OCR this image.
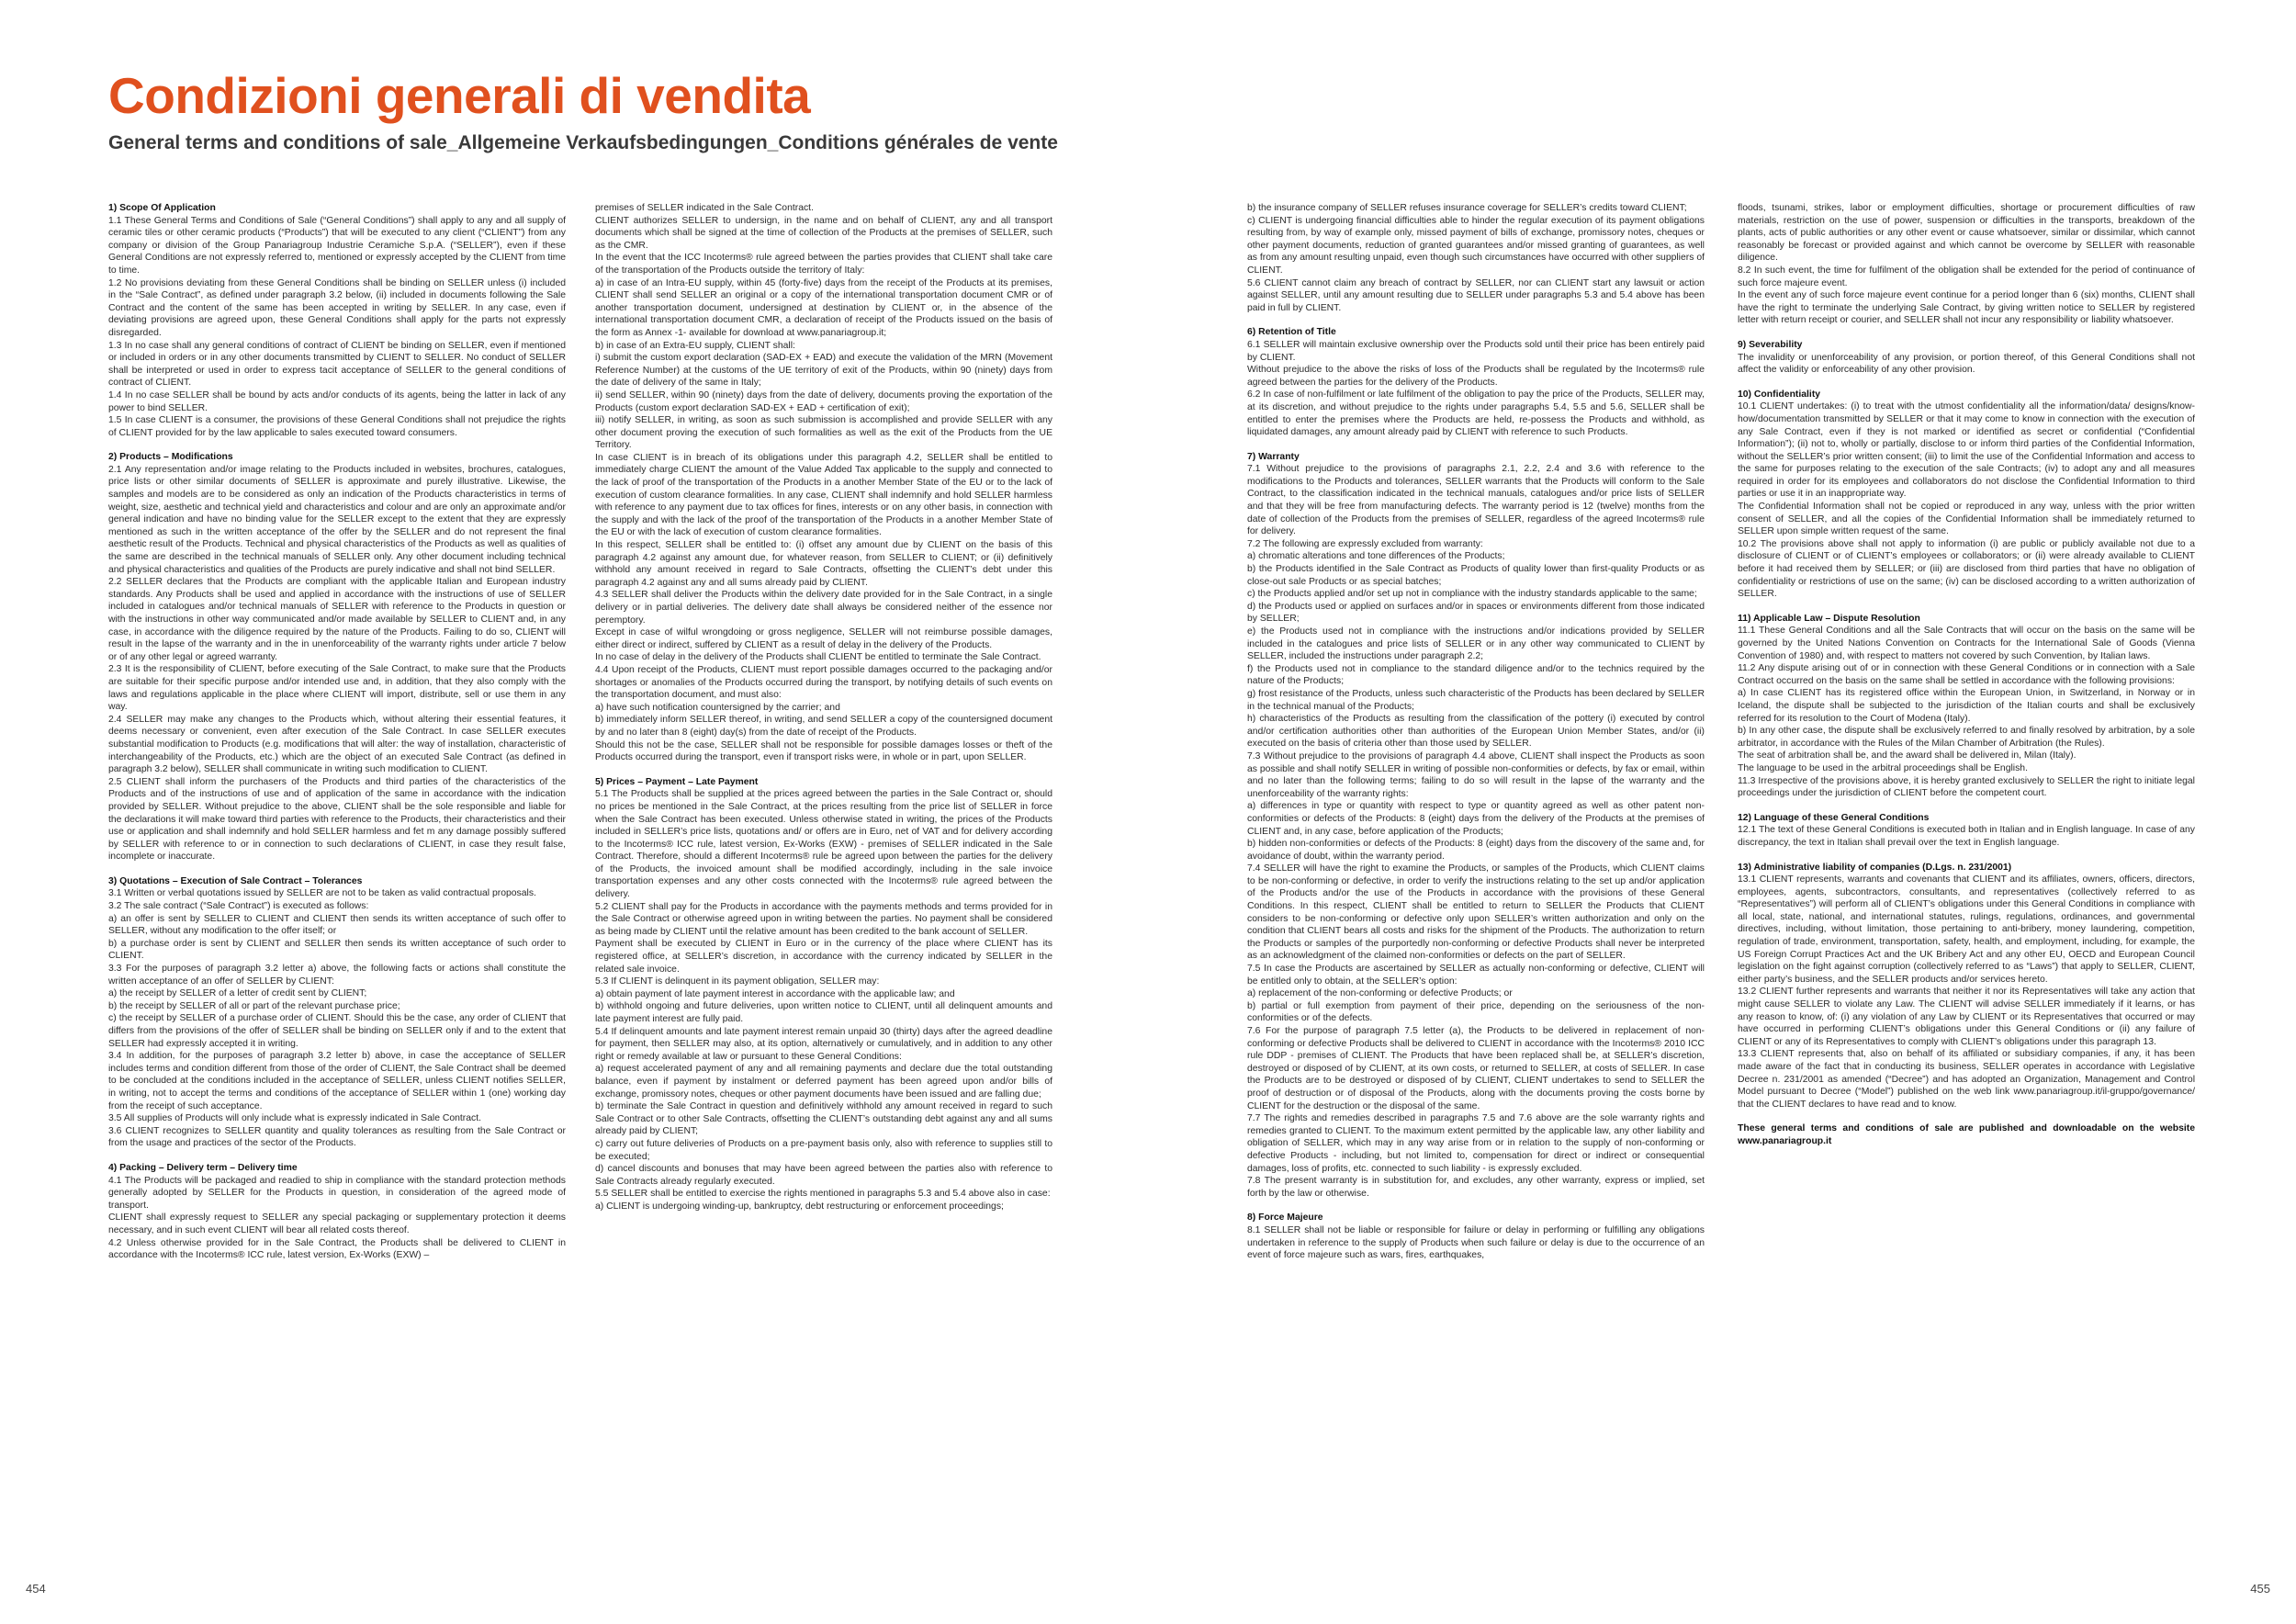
Condizioni generali di vendita
General terms and conditions of sale_Allgemeine Verkaufsbedingungen_Conditions générales de vente
1) Scope Of Application
1.1 These General Terms and Conditions of Sale (“General Conditions”) shall apply to any and all supply of ceramic tiles or other ceramic products (“Products”) that will be executed to any client (“CLIENT”) from any company or division of the Group Panariagroup Industrie Ceramiche S.p.A. (“SELLER”), even if these General Conditions are not expressly referred to, mentioned or expressly accepted by the CLIENT from time to time.
1.2 No provisions deviating from these General Conditions shall be binding on SELLER unless (i) included in the “Sale Contract”, as defined under paragraph 3.2 below, (ii) included in documents following the Sale Contract and the content of the same has been accepted in writing by SELLER. In any case, even if deviating provisions are agreed upon, these General Conditions shall apply for the parts not expressly disregarded.
1.3 In no case shall any general conditions of contract of CLIENT be binding on SELLER, even if mentioned or included in orders or in any other documents transmitted by CLIENT to SELLER. No conduct of SELLER shall be interpreted or used in order to express tacit acceptance of SELLER to the general conditions of contract of CLIENT.
1.4 In no case SELLER shall be bound by acts and/or conducts of its agents, being the latter in lack of any power to bind SELLER.
1.5 In case CLIENT is a consumer, the provisions of these General Conditions shall not prejudice the rights of CLIENT provided for by the law applicable to sales executed toward consumers.
2) Products – Modifications
2.1 Any representation and/or image relating to the Products included in websites, brochures, catalogues, price lists or other similar documents of SELLER is approximate and purely illustrative. Likewise, the samples and models are to be considered as only an indication of the Products characteristics in terms of weight, size, aesthetic and technical yield and characteristics and colour and are only an approximate and/or general indication and have no binding value for the SELLER except to the extent that they are expressly mentioned as such in the written acceptance of the offer by the SELLER and do not represent the final aesthetic result of the Products. Technical and physical characteristics of the Products as well as qualities of the same are described in the technical manuals of SELLER only. Any other document including technical and physical characteristics and qualities of the Products are purely indicative and shall not bind SELLER.
2.2 SELLER declares that the Products are compliant with the applicable Italian and European industry standards. Any Products shall be used and applied in accordance with the instructions of use of SELLER included in catalogues and/or technical manuals of SELLER with reference to the Products in question or with the instructions in other way communicated and/or made available by SELLER to CLIENT and, in any case, in accordance with the diligence required by the nature of the Products. Failing to do so, CLIENT will result in the lapse of the warranty and in the in unenforceability of the warranty rights under article 7 below or of any other legal or agreed warranty.
2.3 It is the responsibility of CLIENT, before executing of the Sale Contract, to make sure that the Products are suitable for their specific purpose and/or intended use and, in addition, that they also comply with the laws and regulations applicable in the place where CLIENT will import, distribute, sell or use them in any way.
2.4 SELLER may make any changes to the Products which, without altering their essential features, it deems necessary or convenient, even after execution of the Sale Contract. In case SELLER executes substantial modification to Products (e.g. modifications that will alter: the way of installation, characteristic of interchangeability of the Products, etc.) which are the object of an executed Sale Contract (as defined in paragraph 3.2 below), SELLER shall communicate in writing such modification to CLIENT.
2.5 CLIENT shall inform the purchasers of the Products and third parties of the characteristics of the Products and of the instructions of use and of application of the same in accordance with the indication provided by SELLER. Without prejudice to the above, CLIENT shall be the sole responsible and liable for the declarations it will make toward third parties with reference to the Products, their characteristics and their use or application and shall indemnify and hold SELLER harmless and fet m any damage possibly suffered by SELLER with reference to or in connection to such declarations of CLIENT, in case they result false, incomplete or inaccurate.
3) Quotations – Execution of Sale Contract – Tolerances
3.1 Written or verbal quotations issued by SELLER are not to be taken as valid contractual proposals.
3.2 The sale contract (“Sale Contract”) is executed as follows:
a) an offer is sent by SELLER to CLIENT and CLIENT then sends its written acceptance of such offer to SELLER, without any modification to the offer itself; or
b) a purchase order is sent by CLIENT and SELLER then sends its written acceptance of such order to CLIENT.
3.3 For the purposes of paragraph 3.2 letter a) above, the following facts or actions shall constitute the written acceptance of an offer of SELLER by CLIENT:
a) the receipt by SELLER of a letter of credit sent by CLIENT;
b) the receipt by SELLER of all or part of the relevant purchase price;
c) the receipt by SELLER of a purchase order of CLIENT. Should this be the case, any order of CLIENT that differs from the provisions of the offer of SELLER shall be binding on SELLER only if and to the extent that SELLER had expressly accepted it in writing.
3.4 In addition, for the purposes of paragraph 3.2 letter b) above, in case the acceptance of SELLER includes terms and condition different from those of the order of CLIENT, the Sale Contract shall be deemed to be concluded at the conditions included in the acceptance of SELLER, unless CLIENT notifies SELLER, in writing, not to accept the terms and conditions of the acceptance of SELLER within 1 (one) working day from the receipt of such acceptance.
3.5 All supplies of Products will only include what is expressly indicated in Sale Contract.
3.6 CLIENT recognizes to SELLER quantity and quality tolerances as resulting from the Sale Contract or from the usage and practices of the sector of the Products.
4) Packing – Delivery term – Delivery time
4.1 The Products will be packaged and readied to ship in compliance with the standard protection methods generally adopted by SELLER for the Products in question, in consideration of the agreed mode of transport.
CLIENT shall expressly request to SELLER any special packaging or supplementary protection it deems necessary, and in such event CLIENT will bear all related costs thereof.
4.2 Unless otherwise provided for in the Sale Contract, the Products shall be delivered to CLIENT in accordance with the Incoterms® ICC rule, latest version, Ex-Works (EXW) –
premises of SELLER indicated in the Sale Contract.
CLIENT authorizes SELLER to undersign, in the name and on behalf of CLIENT, any and all transport documents which shall be signed at the time of collection of the Products at the premises of SELLER, such as the CMR.
In the event that the ICC Incoterms® rule agreed between the parties provides that CLIENT shall take care of the transportation of the Products outside the territory of Italy:
a) in case of an Intra-EU supply, within 45 (forty-five) days from the receipt of the Products at its premises, CLIENT shall send SELLER an original or a copy of the international transportation document CMR or of another transportation document, undersigned at destination by CLIENT or, in the absence of the international transportation document CMR, a declaration of receipt of the Products issued on the basis of the form as Annex -1- available for download at www.panariagroup.it;
b) in case of an Extra-EU supply, CLIENT shall:
i) submit the custom export declaration (SAD-EX + EAD) and execute the validation of the MRN (Movement Reference Number) at the customs of the UE territory of exit of the Products, within 90 (ninety) days from the date of delivery of the same in Italy;
ii) send SELLER, within 90 (ninety) days from the date of delivery, documents proving the exportation of the Products (custom export declaration SAD-EX + EAD + certification of exit);
iii) notify SELLER, in writing, as soon as such submission is accomplished and provide SELLER with any other document proving the execution of such formalities as well as the exit of the Products from the UE Territory.
In case CLIENT is in breach of its obligations under this paragraph 4.2, SELLER shall be entitled to immediately charge CLIENT the amount of the Value Added Tax applicable to the supply and connected to the lack of proof of the transportation of the Products in a another Member State of the EU or to the lack of execution of custom clearance formalities. In any case, CLIENT shall indemnify and hold SELLER harmless with reference to any payment due to tax offices for fines, interests or on any other basis, in connection with the supply and with the lack of the proof of the transportation of the Products in a another Member State of the EU or with the lack of execution of custom clearance formalities.
In this respect, SELLER shall be entitled to: (i) offset any amount due by CLIENT on the basis of this paragraph 4.2 against any amount due, for whatever reason, from SELLER to CLIENT; or (ii) definitively withhold any amount received in regard to Sale Contracts, offsetting the CLIENT’s debt under this paragraph 4.2 against any and all sums already paid by CLIENT.
4.3 SELLER shall deliver the Products within the delivery date provided for in the Sale Contract, in a single delivery or in partial deliveries. The delivery date shall always be considered neither of the essence nor peremptory.
Except in case of wilful wrongdoing or gross negligence, SELLER will not reimburse possible damages, either direct or indirect, suffered by CLIENT as a result of delay in the delivery of the Products.
In no case of delay in the delivery of the Products shall CLIENT be entitled to terminate the Sale Contract.
4.4 Upon receipt of the Products, CLIENT must report possible damages occurred to the packaging and/or shortages or anomalies of the Products occurred during the transport, by notifying details of such events on the transportation document, and must also:
a) have such notification countersigned by the carrier; and
b) immediately inform SELLER thereof, in writing, and send SELLER a copy of the countersigned document by and no later than 8 (eight) day(s) from the date of receipt of the Products.
Should this not be the case, SELLER shall not be responsible for possible damages losses or theft of the Products occurred during the transport, even if transport risks were, in whole or in part, upon SELLER.
5) Prices – Payment – Late Payment
5.1 The Products shall be supplied at the prices agreed between the parties in the Sale Contract or, should no prices be mentioned in the Sale Contract, at the prices resulting from the price list of SELLER in force when the Sale Contract has been executed. Unless otherwise stated in writing, the prices of the Products included in SELLER’s price lists, quotations and/ or offers are in Euro, net of VAT and for delivery according to the Incoterms® ICC rule, latest version, Ex-Works (EXW) - premises of SELLER indicated in the Sale Contract. Therefore, should a different Incoterms® rule be agreed upon between the parties for the delivery of the Products, the invoiced amount shall be modified accordingly, including in the sale invoice transportation expenses and any other costs connected with the Incoterms® rule agreed between the delivery.
5.2 CLIENT shall pay for the Products in accordance with the payments methods and terms provided for in the Sale Contract or otherwise agreed upon in writing between the parties. No payment shall be considered as being made by CLIENT until the relative amount has been credited to the bank account of SELLER.
Payment shall be executed by CLIENT in Euro or in the currency of the place where CLIENT has its registered office, at SELLER’s discretion, in accordance with the currency indicated by SELLER in the related sale invoice.
5.3 If CLIENT is delinquent in its payment obligation, SELLER may:
a) obtain payment of late payment interest in accordance with the applicable law; and
b) withhold ongoing and future deliveries, upon written notice to CLIENT, until all delinquent amounts and late payment interest are fully paid.
5.4 If delinquent amounts and late payment interest remain unpaid 30 (thirty) days after the agreed deadline for payment, then SELLER may also, at its option, alternatively or cumulatively, and in addition to any other right or remedy available at law or pursuant to these General Conditions:
a) request accelerated payment of any and all remaining payments and declare due the total outstanding balance, even if payment by instalment or deferred payment has been agreed upon and/or bills of exchange, promissory notes, cheques or other payment documents have been issued and are falling due;
b) terminate the Sale Contract in question and definitively withhold any amount received in regard to such Sale Contract or to other Sale Contracts, offsetting the CLIENT’s outstanding debt against any and all sums already paid by CLIENT;
c) carry out future deliveries of Products on a pre-payment basis only, also with reference to supplies still to be executed;
d) cancel discounts and bonuses that may have been agreed between the parties also with reference to Sale Contracts already regularly executed.
5.5 SELLER shall be entitled to exercise the rights mentioned in paragraphs 5.3 and 5.4 above also in case:
a) CLIENT is undergoing winding-up, bankruptcy, debt restructuring or enforcement proceedings;
b) the insurance company of SELLER refuses insurance coverage for SELLER’s credits toward CLIENT;
c) CLIENT is undergoing financial difficulties able to hinder the regular execution of its payment obligations resulting from, by way of example only, missed payment of bills of exchange, promissory notes, cheques or other payment documents, reduction of granted guarantees and/or missed granting of guarantees, as well as from any amount resulting unpaid, even though such circumstances have occurred with other suppliers of CLIENT.
5.6 CLIENT cannot claim any breach of contract by SELLER, nor can CLIENT start any lawsuit or action against SELLER, until any amount resulting due to SELLER under paragraphs 5.3 and 5.4 above has been paid in full by CLIENT.
6) Retention of Title
6.1 SELLER will maintain exclusive ownership over the Products sold until their price has been entirely paid by CLIENT.
Without prejudice to the above the risks of loss of the Products shall be regulated by the Incoterms® rule agreed between the parties for the delivery of the Products.
6.2 In case of non-fulfilment or late fulfilment of the obligation to pay the price of the Products, SELLER may, at its discretion, and without prejudice to the rights under paragraphs 5.4, 5.5 and 5.6, SELLER shall be entitled to enter the premises where the Products are held, re-possess the Products and withhold, as liquidated damages, any amount already paid by CLIENT with reference to such Products.
7) Warranty
7.1 Without prejudice to the provisions of paragraphs 2.1, 2.2, 2.4 and 3.6 with reference to the modifications to the Products and tolerances, SELLER warrants that the Products will conform to the Sale Contract, to the classification indicated in the technical manuals, catalogues and/or price lists of SELLER and that they will be free from manufacturing defects. The warranty period is 12 (twelve) months from the date of collection of the Products from the premises of SELLER, regardless of the agreed Incoterms® rule for delivery.
7.2 The following are expressly excluded from warranty:
a) chromatic alterations and tone differences of the Products;
b) the Products identified in the Sale Contract as Products of quality lower than first-quality Products or as close-out sale Products or as special batches;
c) the Products applied and/or set up not in compliance with the industry standards applicable to the same;
d) the Products used or applied on surfaces and/or in spaces or environments different from those indicated by SELLER;
e) the Products used not in compliance with the instructions and/or indications provided by SELLER included in the catalogues and price lists of SELLER or in any other way communicated to CLIENT by SELLER, included the instructions under paragraph 2.2;
f) the Products used not in compliance to the standard diligence and/or to the technics required by the nature of the Products;
g) frost resistance of the Products, unless such characteristic of the Products has been declared by SELLER in the technical manual of the Products;
h) characteristics of the Products as resulting from the classification of the pottery (i) executed by control and/or certification authorities other than authorities of the European Union Member States, and/or (ii) executed on the basis of criteria other than those used by SELLER.
7.3 Without prejudice to the provisions of paragraph 4.4 above, CLIENT shall inspect the Products as soon as possible and shall notify SELLER in writing of possible non-conformities or defects, by fax or email, within and no later than the following terms; failing to do so will result in the lapse of the warranty and the unenforceability of the warranty rights:
a) differences in type or quantity with respect to type or quantity agreed as well as other patent non-conformities or defects of the Products: 8 (eight) days from the delivery of the Products at the premises of CLIENT and, in any case, before application of the Products;
b) hidden non-conformities or defects of the Products: 8 (eight) days from the discovery of the same and, for avoidance of doubt, within the warranty period.
7.4 SELLER will have the right to examine the Products, or samples of the Products, which CLIENT claims to be non-conforming or defective, in order to verify the instructions relating to the set up and/or application of the Products and/or the use of the Products in accordance with the provisions of these General Conditions. In this respect, CLIENT shall be entitled to return to SELLER the Products that CLIENT considers to be non-conforming or defective only upon SELLER’s written authorization and only on the condition that CLIENT bears all costs and risks for the shipment of the Products. The authorization to return the Products or samples of the purportedly non-conforming or defective Products shall never be interpreted as an acknowledgment of the claimed non-conformities or defects on the part of SELLER.
7.5 In case the Products are ascertained by SELLER as actually non-conforming or defective, CLIENT will be entitled only to obtain, at the SELLER’s option:
a) replacement of the non-conforming or defective Products; or
b) partial or full exemption from payment of their price, depending on the seriousness of the non-conformities or of the defects.
7.6 For the purpose of paragraph 7.5 letter (a), the Products to be delivered in replacement of non-conforming or defective Products shall be delivered to CLIENT in accordance with the Incoterms® 2010 ICC rule DDP - premises of CLIENT. The Products that have been replaced shall be, at SELLER’s discretion, destroyed or disposed of by CLIENT, at its own costs, or returned to SELLER, at costs of SELLER. In case the Products are to be destroyed or disposed of by CLIENT, CLIENT undertakes to send to SELLER the proof of destruction or of disposal of the Products, along with the documents proving the costs borne by CLIENT for the destruction or the disposal of the same.
7.7 The rights and remedies described in paragraphs 7.5 and 7.6 above are the sole warranty rights and remedies granted to CLIENT. To the maximum extent permitted by the applicable law, any other liability and obligation of SELLER, which may in any way arise from or in relation to the supply of non-conforming or defective Products - including, but not limited to, compensation for direct or indirect or consequential damages, loss of profits, etc. connected to such liability - is expressly excluded.
7.8 The present warranty is in substitution for, and excludes, any other warranty, express or implied, set forth by the law or otherwise.
8) Force Majeure
8.1 SELLER shall not be liable or responsible for failure or delay in performing or fulfilling any obligations undertaken in reference to the supply of Products when such failure or delay is due to the occurrence of an event of force majeure such as wars, fires, earthquakes,
floods, tsunami, strikes, labor or employment difficulties, shortage or procurement difficulties of raw materials, restriction on the use of power, suspension or difficulties in the transports, breakdown of the plants, acts of public authorities or any other event or cause whatsoever, similar or dissimilar, which cannot reasonably be forecast or provided against and which cannot be overcome by SELLER with reasonable diligence.
8.2 In such event, the time for fulfilment of the obligation shall be extended for the period of continuance of such force majeure event.
In the event any of such force majeure event continue for a period longer than 6 (six) months, CLIENT shall have the right to terminate the underlying Sale Contract, by giving written notice to SELLER by registered letter with return receipt or courier, and SELLER shall not incur any responsibility or liability whatsoever.
9) Severability
The invalidity or unenforceability of any provision, or portion thereof, of this General Conditions shall not affect the validity or enforceability of any other provision.
10) Confidentiality
10.1 CLIENT undertakes: (i) to treat with the utmost confidentiality all the information/data/ designs/know-how/documentation transmitted by SELLER or that it may come to know in connection with the execution of any Sale Contract, even if they is not marked or identified as secret or confidential (“Confidential Information”); (ii) not to, wholly or partially, disclose to or inform third parties of the Confidential Information, without the SELLER’s prior written consent; (iii) to limit the use of the Confidential Information and access to the same for purposes relating to the execution of the sale Contracts; (iv) to adopt any and all measures required in order for its employees and collaborators do not disclose the Confidential Information to third parties or use it in an inappropriate way.
The Confidential Information shall not be copied or reproduced in any way, unless with the prior written consent of SELLER, and all the copies of the Confidential Information shall be immediately returned to SELLER upon simple written request of the same.
10.2 The provisions above shall not apply to information (i) are public or publicly available not due to a disclosure of CLIENT or of CLIENT’s employees or collaborators; or (ii) were already available to CLIENT before it had received them by SELLER; or (iii) are disclosed from third parties that have no obligation of confidentiality or restrictions of use on the same; (iv) can be disclosed according to a written authorization of SELLER.
11) Applicable Law – Dispute Resolution
11.1 These General Conditions and all the Sale Contracts that will occur on the basis on the same will be governed by the United Nations Convention on Contracts for the International Sale of Goods (Vienna Convention of 1980) and, with respect to matters not covered by such Convention, by Italian laws.
11.2 Any dispute arising out of or in connection with these General Conditions or in connection with a Sale Contract occurred on the basis on the same shall be settled in accordance with the following provisions:
a) In case CLIENT has its registered office within the European Union, in Switzerland, in Norway or in Iceland, the dispute shall be subjected to the jurisdiction of the Italian courts and shall be exclusively referred for its resolution to the Court of Modena (Italy).
b) In any other case, the dispute shall be exclusively referred to and finally resolved by arbitration, by a sole arbitrator, in accordance with the Rules of the Milan Chamber of Arbitration (the Rules).
The seat of arbitration shall be, and the award shall be delivered in, Milan (Italy).
The language to be used in the arbitral proceedings shall be English.
11.3 Irrespective of the provisions above, it is hereby granted exclusively to SELLER the right to initiate legal proceedings under the jurisdiction of CLIENT before the competent court.
12) Language of these General Conditions
12.1 The text of these General Conditions is executed both in Italian and in English language. In case of any discrepancy, the text in Italian shall prevail over the text in English language.
13) Administrative liability of companies (D.Lgs. n. 231/2001)
13.1 CLIENT represents, warrants and covenants that CLIENT and its affiliates, owners, officers, directors, employees, agents, subcontractors, consultants, and representatives (collectively referred to as “Representatives”) will perform all of CLIENT’s obligations under this General Conditions in compliance with all local, state, national, and international statutes, rulings, regulations, ordinances, and governmental directives, including, without limitation, those pertaining to anti-bribery, money laundering, competition, regulation of trade, environment, transportation, safety, health, and employment, including, for example, the US Foreign Corrupt Practices Act and the UK Bribery Act and any other EU, OECD and European Council legislation on the fight against corruption (collectively referred to as “Laws”) that apply to SELLER, CLIENT, either party’s business, and the SELLER products and/or services hereto.
13.2 CLIENT further represents and warrants that neither it nor its Representatives will take any action that might cause SELLER to violate any Law. The CLIENT will advise SELLER immediately if it learns, or has any reason to know, of: (i) any violation of any Law by CLIENT or its Representatives that occurred or may have occurred in performing CLIENT’s obligations under this General Conditions or (ii) any failure of CLIENT or any of its Representatives to comply with CLIENT’s obligations under this paragraph 13.
13.3 CLIENT represents that, also on behalf of its affiliated or subsidiary companies, if any, it has been made aware of the fact that in conducting its business, SELLER operates in accordance with Legislative Decree n. 231/2001 as amended (“Decree”) and has adopted an Organization, Management and Control Model pursuant to Decree (“Model”) published on the web link www.panariagroup.it/il-gruppo/governance/ that the CLIENT declares to have read and to know.
These general terms and conditions of sale are published and downloadable on the website www.panariagroup.it
454	455
